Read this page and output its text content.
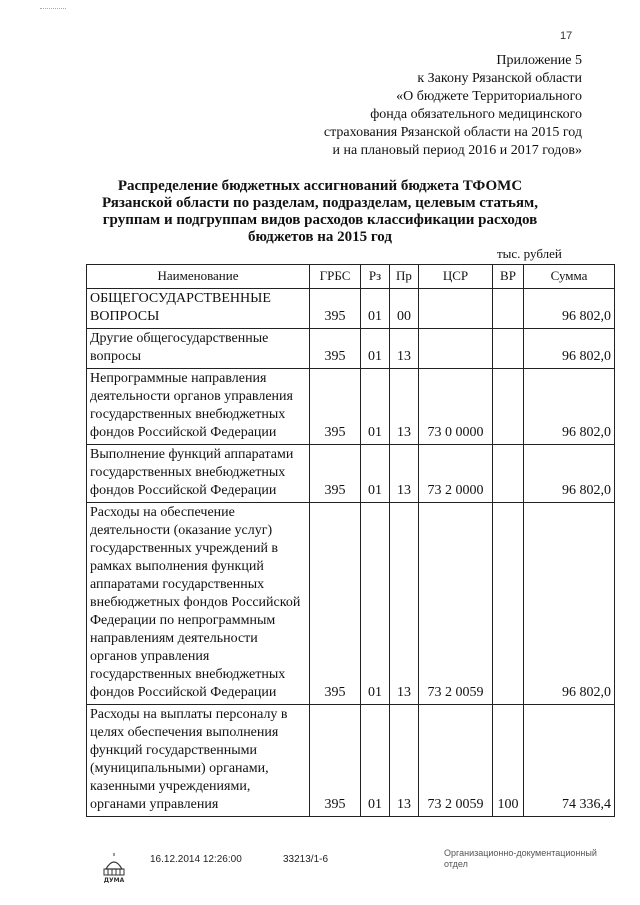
17
Приложение 5
к Закону Рязанской области
«О бюджете Территориального
фонда обязательного медицинского
страхования Рязанской области на 2015 год
и на плановый период 2016 и 2017 годов»
Распределение бюджетных ассигнований бюджета ТФОМС
Рязанской области по разделам, подразделам, целевым статьям,
группам и подгруппам видов расходов классификации расходов
бюджетов на 2015 год
тыс. рублей
Наименование	ГРБС	Рз	Пр	ЦСР	ВР	Сумма
ОБЩЕГОСУДАРСТВЕННЫЕ ВОПРОСЫ	395	01	00			96 802,0
Другие общегосударственные вопросы	395	01	13			96 802,0
Непрограммные направления деятельности органов управления государственных внебюджетных фондов Российской Федерации	395	01	13	73 0 0000		96 802,0
Выполнение функций аппаратами государственных внебюджетных фондов Российской Федерации	395	01	13	73 2 0000		96 802,0
Расходы на обеспечение деятельности (оказание услуг) государственных учреждений в рамках выполнения функций аппаратами государственных внебюджетных фондов Российской Федерации по непрограммным направлениям деятельности органов управления государственных внебюджетных фондов Российской Федерации	395	01	13	73 2 0059		96 802,0
Расходы на выплаты персоналу в целях обеспечения выполнения функций государственными (муниципальными) органами, казенными учреждениями, органами управления	395	01	13	73 2 0059	100	74 336,4
ДУМА
16.12.2014 12:26:00	33213/1-6
Организационно-документационный отдел
